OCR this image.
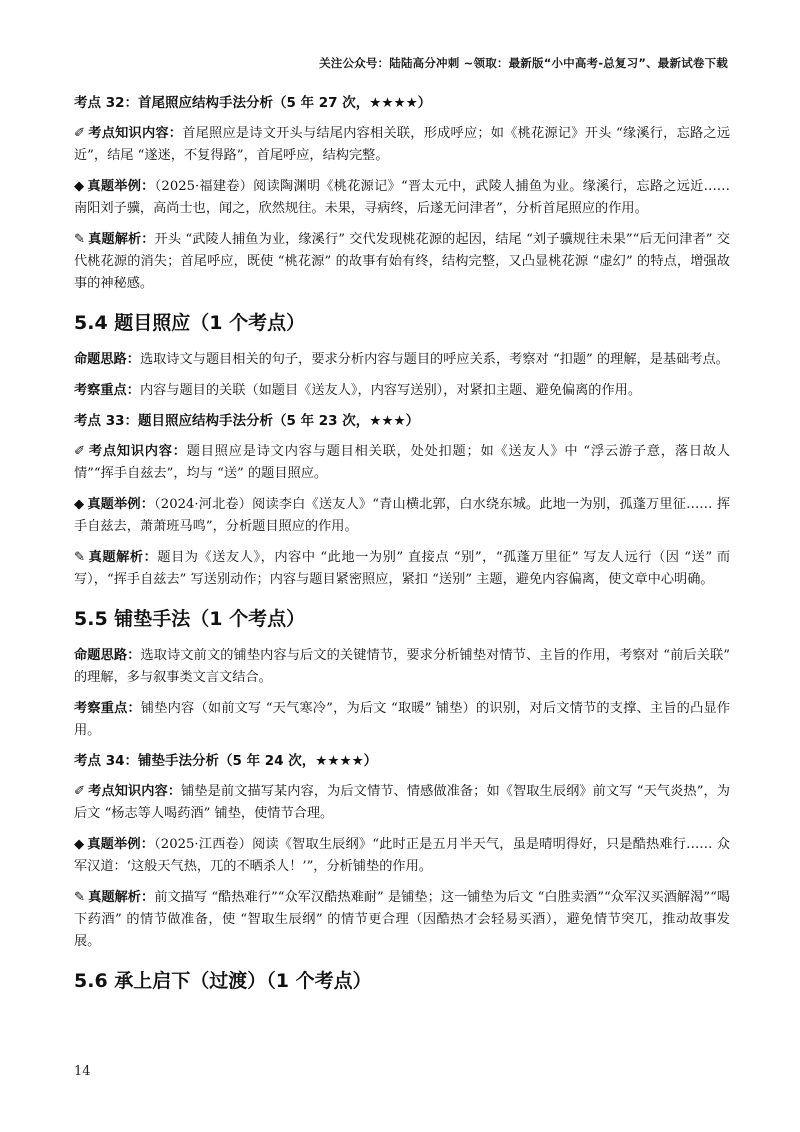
关注公众号：陆陆高分冲刺 ~领取：最新版“小中高考-总复习”、最新试卷下载
考点 32：首尾照应结构手法分析（5 年 27 次，★★★★）

✐ 考点知识内容：首尾照应是诗文开头与结尾内容相关联，形成呼应；如《桃花源记》开头 “缘溪行，忘路之远近”，结尾 “遂迷，不复得路”，首尾呼应，结构完整。

◆ 真题举例：（2025·福建卷）阅读陶渊明《桃花源记》“晋太元中，武陵人捕鱼为业。缘溪行，忘路之远近…… 南阳刘子骥，高尚士也，闻之，欣然规往。未果，寻病终，后遂无问津者”，分析首尾照应的作用。

✎ 真题解析：开头 “武陵人捕鱼为业，缘溪行” 交代发现桃花源的起因，结尾 “刘子骥规往未果”“后无问津者” 交代桃花源的消失；首尾呼应，既使 “桃花源” 的故事有始有终，结构完整，又凸显桃花源 “虚幻” 的特点，增强故事的神秘感。

5.4 题目照应（1 个考点）

命题思路：选取诗文与题目相关的句子，要求分析内容与题目的呼应关系，考察对 “扣题” 的理解，是基础考点。

考察重点：内容与题目的关联（如题目《送友人》，内容写送别），对紧扣主题、避免偏离的作用。

考点 33：题目照应结构手法分析（5 年 23 次，★★★）

✐ 考点知识内容：题目照应是诗文内容与题目相关联，处处扣题；如《送友人》中 “浮云游子意，落日故人情”“挥手自兹去”，均与 “送” 的题目照应。

◆ 真题举例：（2024·河北卷）阅读李白《送友人》“青山横北郭，白水绕东城。此地一为别，孤蓬万里征…… 挥手自兹去，萧萧班马鸣”，分析题目照应的作用。

✎ 真题解析：题目为《送友人》，内容中 “此地一为别” 直接点 “别”，“孤蓬万里征” 写友人远行（因 “送” 而写），“挥手自兹去” 写送别动作；内容与题目紧密照应，紧扣 “送别” 主题，避免内容偏离，使文章中心明确。

5.5 铺垫手法（1 个考点）

命题思路：选取诗文前文的铺垫内容与后文的关键情节，要求分析铺垫对情节、主旨的作用，考察对 “前后关联” 的理解，多与叙事类文言文结合。

考察重点：铺垫内容（如前文写 “天气寒冷”，为后文 “取暖” 铺垫）的识别，对后文情节的支撑、主旨的凸显作用。

考点 34：铺垫手法分析（5 年 24 次，★★★★）

✐ 考点知识内容：铺垫是前文描写某内容，为后文情节、情感做准备；如《智取生辰纲》前文写 “天气炎热”，为后文 “杨志等人喝药酒” 铺垫，使情节合理。

◆ 真题举例：（2025·江西卷）阅读《智取生辰纲》“此时正是五月半天气，虽是晴明得好，只是酷热难行…… 众军汉道：‘这般天气热，兀的不晒杀人！’”，分析铺垫的作用。

✎ 真题解析：前文描写 “酷热难行”“众军汉酷热难耐” 是铺垫；这一铺垫为后文 “白胜卖酒”“众军汉买酒解渴”“喝下药酒” 的情节做准备，使 “智取生辰纲” 的情节更合理（因酷热才会轻易买酒），避免情节突兀，推动故事发展。

5.6 承上启下（过渡）（1 个考点）
14
